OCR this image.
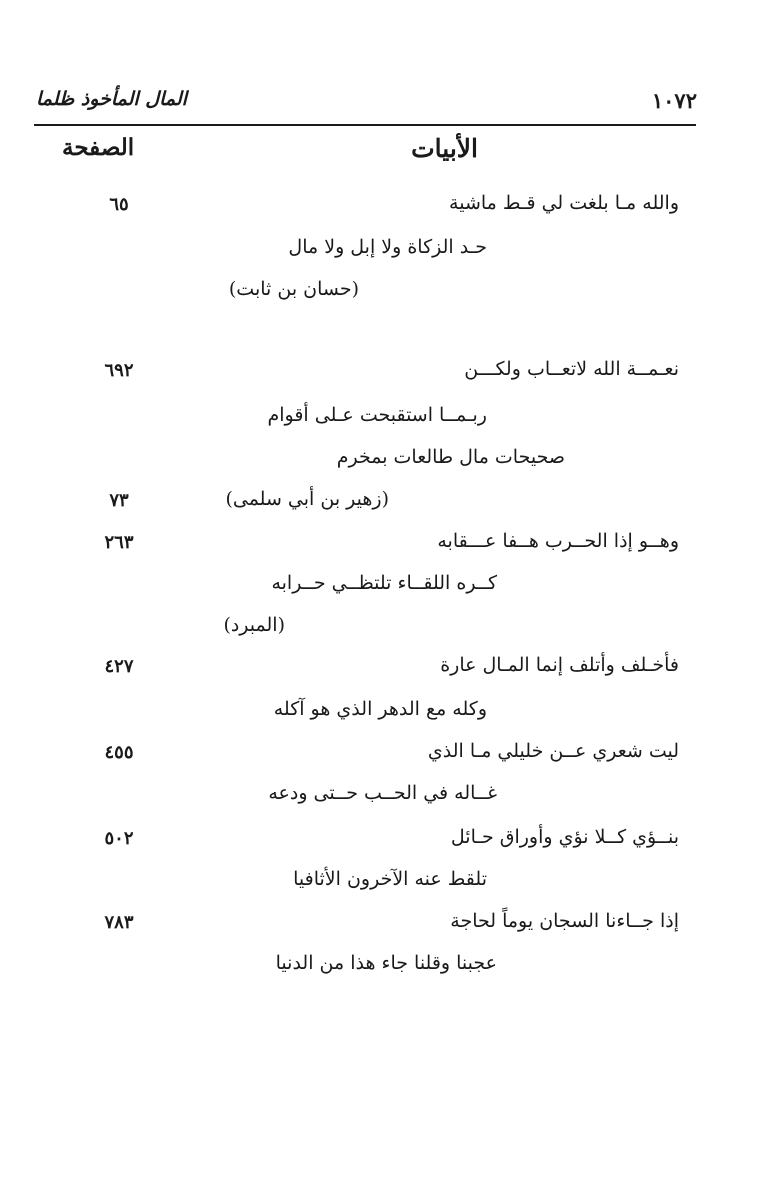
المال المأخوذ ظلما	١٠٧٢
الأبيات
الصفحة
والله مـا بلغت لي قـط ماشية
حـد الزكاة ولا إبل ولا مال
(حسان بن ثابت)
نعـمــة الله لاتعــاب ولكـــن
ربـمــا استقبحت عـلى أقوام
صحيحات مال طالعات بمخرم
(زهير بن أبي سلمى)
وهــو إذا الحــرب هــفا عـــقابه
كــره اللقــاء تلتظــي حــرابه
(المبرد)
فأخـلف وأتلف إنما المـال عارة
وكله مع الدهر الذي هو آكله
ليت شعري عــن خليلي مـا الذي
غــاله في الحــب حــتى ودعه
بنــؤي كــلا نؤي وأوراق حـائل
تلقط عنه الآخرون الأثافيا
إذا جــاءنا السجان يوماً لحاجة
عجبنا وقلنا جاء هذا من الدنيا
٦٥
٦٩٢
٧٣
٢٦٣
٤٢٧
٤٥٥
٥٠٢
٧٨٣
